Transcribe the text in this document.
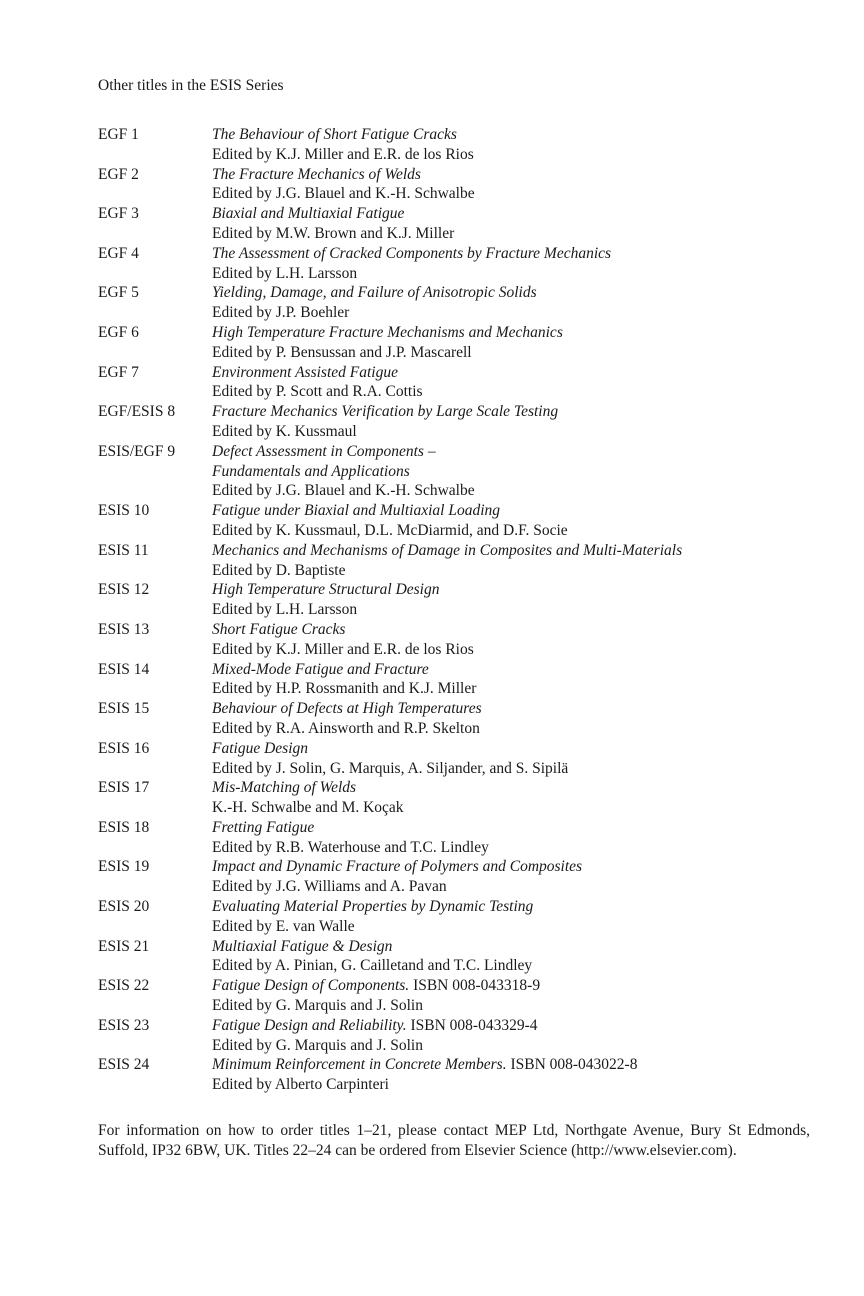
Other titles in the ESIS Series

EGF 1	The Behaviour of Short Fatigue Cracks
Edited by K.J. Miller and E.R. de los Rios
EGF 2	The Fracture Mechanics of Welds
Edited by J.G. Blauel and K.-H. Schwalbe
EGF 3	Biaxial and Multiaxial Fatigue
Edited by M.W. Brown and K.J. Miller
EGF 4	The Assessment of Cracked Components by Fracture Mechanics
Edited by L.H. Larsson
EGF 5	Yielding, Damage, and Failure of Anisotropic Solids
Edited by J.P. Boehler
EGF 6	High Temperature Fracture Mechanisms and Mechanics
Edited by P. Bensussan and J.P. Mascarell
EGF 7	Environment Assisted Fatigue
Edited by P. Scott and R.A. Cottis
EGF/ESIS 8	Fracture Mechanics Verification by Large Scale Testing
Edited by K. Kussmaul
ESIS/EGF 9	Defect Assessment in Components –
Fundamentals and Applications
Edited by J.G. Blauel and K.-H. Schwalbe
ESIS 10	Fatigue under Biaxial and Multiaxial Loading
Edited by K. Kussmaul, D.L. McDiarmid, and D.F. Socie
ESIS 11	Mechanics and Mechanisms of Damage in Composites and Multi-Materials
Edited by D. Baptiste
ESIS 12	High Temperature Structural Design
Edited by L.H. Larsson
ESIS 13	Short Fatigue Cracks
Edited by K.J. Miller and E.R. de los Rios
ESIS 14	Mixed-Mode Fatigue and Fracture
Edited by H.P. Rossmanith and K.J. Miller
ESIS 15	Behaviour of Defects at High Temperatures
Edited by R.A. Ainsworth and R.P. Skelton
ESIS 16	Fatigue Design
Edited by J. Solin, G. Marquis, A. Siljander, and S. Sipilä
ESIS 17	Mis-Matching of Welds
K.-H. Schwalbe and M. Koçak
ESIS 18	Fretting Fatigue
Edited by R.B. Waterhouse and T.C. Lindley
ESIS 19	Impact and Dynamic Fracture of Polymers and Composites
Edited by J.G. Williams and A. Pavan
ESIS 20	Evaluating Material Properties by Dynamic Testing
Edited by E. van Walle
ESIS 21	Multiaxial Fatigue & Design
Edited by A. Pinian, G. Cailletand and T.C. Lindley
ESIS 22	Fatigue Design of Components. ISBN 008-043318-9
Edited by G. Marquis and J. Solin
ESIS 23	Fatigue Design and Reliability. ISBN 008-043329-4
Edited by G. Marquis and J. Solin
ESIS 24	Minimum Reinforcement in Concrete Members. ISBN 008-043022-8
Edited by Alberto Carpinteri

For information on how to order titles 1–21, please contact MEP Ltd, Northgate Avenue, Bury St Edmonds, Suffold, IP32 6BW, UK. Titles 22–24 can be ordered from Elsevier Science (http://www.elsevier.com).
